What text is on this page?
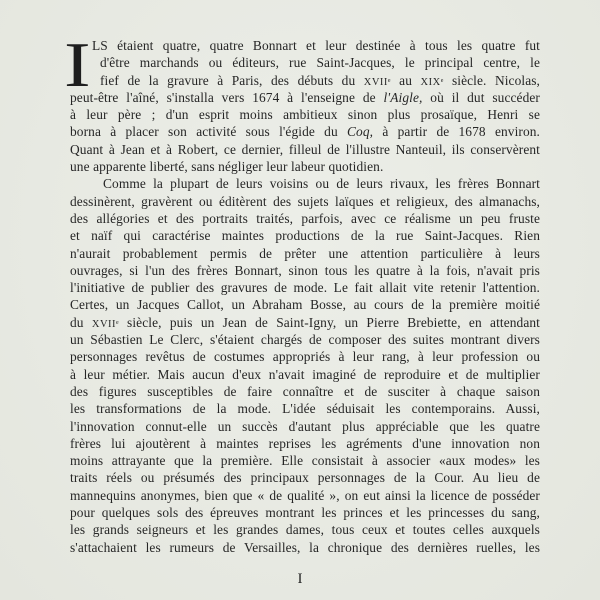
I LS étaient quatre, quatre Bonnart et leur destinée à tous les quatre fut
d'être marchands ou éditeurs, rue Saint-Jacques, le principal centre, le
fief de la gravure à Paris, des débuts du XVIIe au XIXe siècle. Nicolas,
peut-être l'aîné, s'installa vers 1674 à l'enseigne de l'Aigle, où il dut succéder
à leur père ; d'un esprit moins ambitieux sinon plus prosaïque, Henri se
borna à placer son activité sous l'égide du Coq, à partir de 1678 environ.
Quant à Jean et à Robert, ce dernier, filleul de l'illustre Nanteuil, ils conservèrent
une apparente liberté, sans négliger leur labeur quotidien.
Comme la plupart de leurs voisins ou de leurs rivaux, les frères Bonnart
dessinèrent, gravèrent ou éditèrent des sujets laïques et religieux, des almanachs,
des allégories et des portraits traités, parfois, avec ce réalisme un peu fruste
et naïf qui caractérise maintes productions de la rue Saint-Jacques. Rien
n'aurait probablement permis de prêter une attention particulière à leurs
ouvrages, si l'un des frères Bonnart, sinon tous les quatre à la fois, n'avait pris
l'initiative de publier des gravures de mode. Le fait allait vite retenir l'attention.
Certes, un Jacques Callot, un Abraham Bosse, au cours de la première moitié
du XVIIe siècle, puis un Jean de Saint-Igny, un Pierre Brebiette, en attendant
un Sébastien Le Clerc, s'étaient chargés de composer des suites montrant divers
personnages revêtus de costumes appropriés à leur rang, à leur profession ou
à leur métier. Mais aucun d'eux n'avait imaginé de reproduire et de multiplier
des figures susceptibles de faire connaître et de susciter à chaque saison
les transformations de la mode. L'idée séduisait les contemporains. Aussi,
l'innovation connut-elle un succès d'autant plus appréciable que les quatre
frères lui ajoutèrent à maintes reprises les agréments d'une innovation non
moins attrayante que la première. Elle consistait à associer «aux modes» les
traits réels ou présumés des principaux personnages de la Cour. Au lieu de
mannequins anonymes, bien que « de qualité », on eut ainsi la licence de posséder
pour quelques sols des épreuves montrant les princes et les princesses du sang,
les grands seigneurs et les grandes dames, tous ceux et toutes celles auxquels
s'attachaient les rumeurs de Versailles, la chronique des dernières ruelles, les
I
